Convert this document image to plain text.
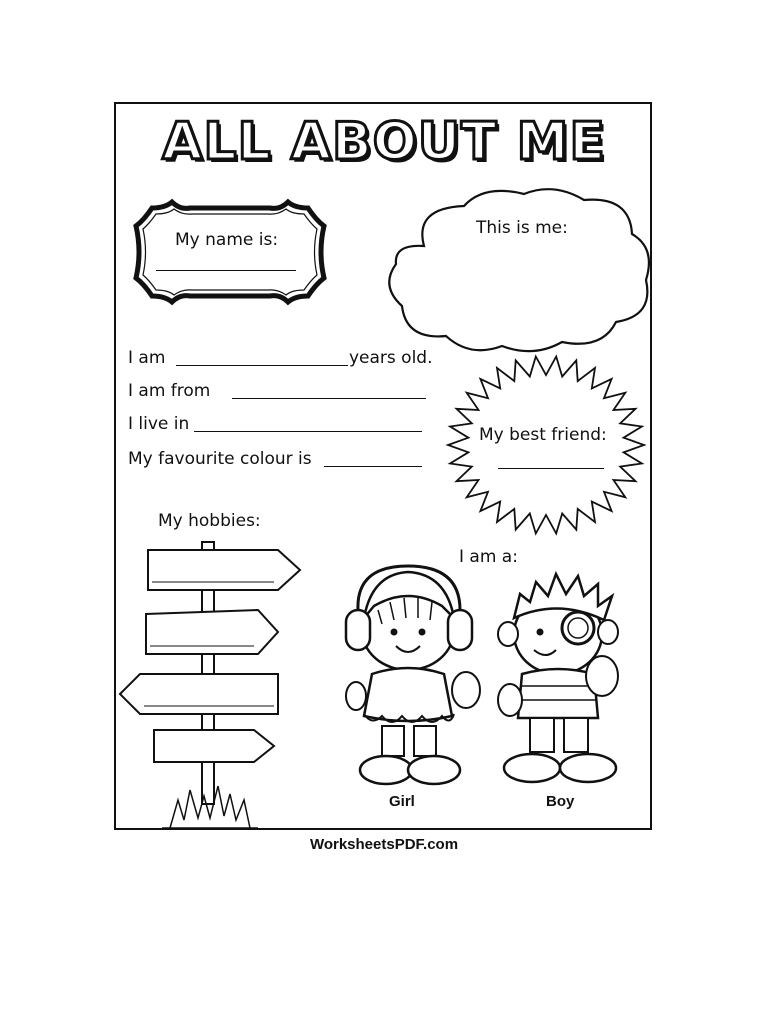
ALL ABOUT ME
My name is:
This is me:
I am	years old.
I am from
I live in
My favourite colour is
My best friend:
My hobbies:
I am a:
Girl	Boy
WorksheetsPDF.com
